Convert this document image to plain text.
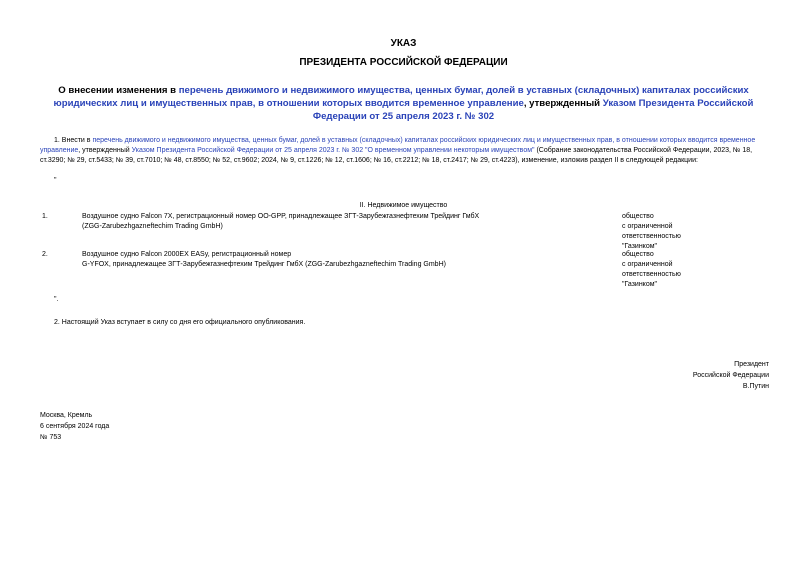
УКАЗ
ПРЕЗИДЕНТА РОССИЙСКОЙ ФЕДЕРАЦИИ
О внесении изменения в перечень движимого и недвижимого имущества, ценных бумаг, долей в уставных (складочных) капиталах российских юридических лиц и имущественных прав, в отношении которых вводится временное управление, утвержденный Указом Президента Российской Федерации от 25 апреля 2023 г. № 302
1. Внести в перечень движимого и недвижимого имущества, ценных бумаг, долей в уставных (складочных) капиталах российских юридических лиц и имущественных прав, в отношении которых вводится временное управление, утвержденный Указом Президента Российской Федерации от 25 апреля 2023 г. № 302 "О временном управлении некоторым имуществом" (Собрание законодательства Российской Федерации, 2023, № 18, ст.3290; № 29, ст.5433; № 39, ст.7010; № 48, ст.8550; № 52, ст.9602; 2024, № 9, ст.1226; № 12, ст.1606; № 16, ст.2212; № 18, ст.2417; № 29, ст.4223), изменение, изложив раздел II в следующей редакции:
"
II. Недвижимое имущество
1.	Воздушное судно Falcon 7X, регистрационный номер OO-GPP, принадлежащее ЗГТ-Зарубежгазнефтехим Трейдинг ГмбХ
(ZGG-Zarubezhgazneftechim Trading GmbH)
общество
с ограниченной
ответственностью
"Газинком"
2.	Воздушное судно Falcon 2000EX EASy, регистрационный номер
G-YFOX, принадлежащее ЗГТ-Зарубежгазнефтехим Трейдинг ГмбХ (ZGG-Zarubezhgazneftechim Trading GmbH)
общество
с ограниченной
ответственностью
"Газинком"
".
2. Настоящий Указ вступает в силу со дня его официального опубликования.
Президент
Российской Федерации
В.Путин
Москва, Кремль
6 сентября 2024 года
№ 753
